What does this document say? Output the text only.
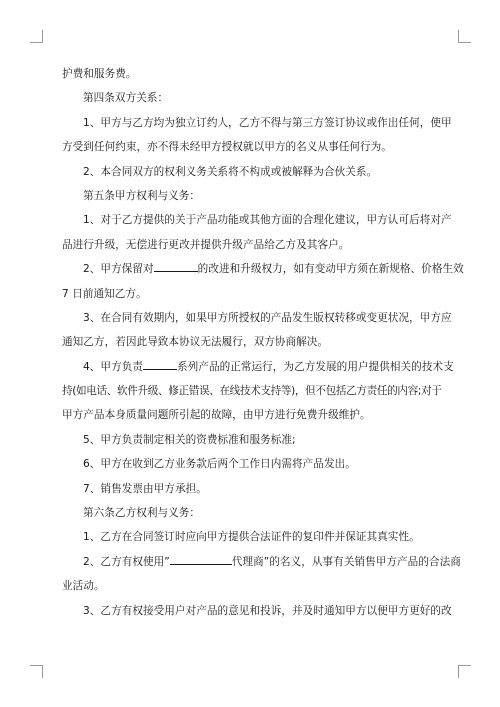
护费和服务费。
第四条双方关系：
1、甲方与乙方均为独立订约人，乙方不得与第三方签订协议或作出任何，使甲
方受到任何约束，亦不得未经甲方授权就以甲方的名义从事任何行为。
2、本合同双方的权利义务关系将不构成或被解释为合伙关系。
第五条甲方权利与义务：
1、对于乙方提供的关于产品功能或其他方面的合理化建议，甲方认可后将对产
品进行升级，无偿进行更改并提供升级产品给乙方及其客户。
2、甲方保留对	的改进和升级权力，如有变动甲方须在新规格、价格生效
7 日前通知乙方。
3、在合同有效期内，如果甲方所授权的产品发生版权转移或变更状况，甲方应
通知乙方，若因此导致本协议无法履行，双方协商解决。
4、甲方负责	系列产品的正常运行，为乙方发展的用户提供相关的技术支
持(如电话、软件升级、修正错误、在线技术支持等)，但不包括乙方责任的内容;对于
甲方产品本身质量问题所引起的故障，由甲方进行免费升级维护。
5、甲方负责制定相关的资费标准和服务标准;
6、甲方在收到乙方业务款后两个工作日内需将产品发出。
7、销售发票由甲方承担。
第六条乙方权利与义务：
1、乙方在合同签订时应向甲方提供合法证件的复印件并保证其真实性。
2、乙方有权使用”	代理商”的名义，从事有关销售甲方产品的合法商
业活动。
3、乙方有权接受用户对产品的意见和投诉，并及时通知甲方以便甲方更好的改
